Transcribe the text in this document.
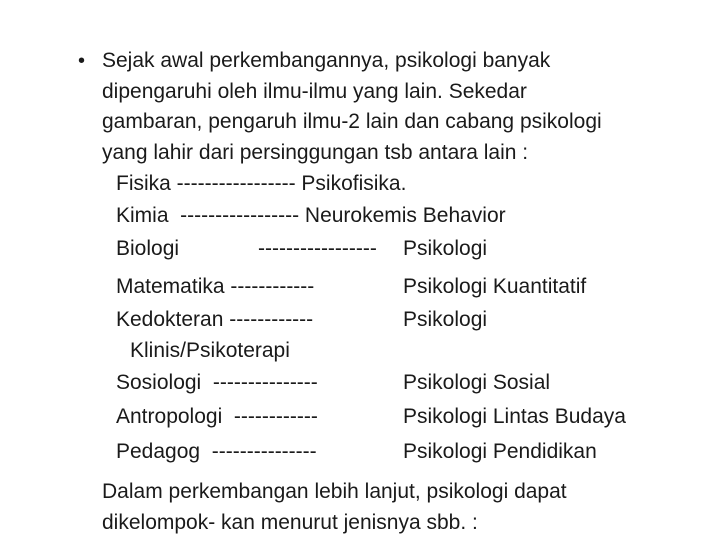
• Sejak awal perkembangannya, psikologi banyak

dipengaruhi oleh ilmu-ilmu yang lain. Sekedar

gambaran, pengaruh ilmu-2 lain dan cabang psikologi

yang lahir dari persinggungan tsb antara lain :

Fisika ----------------- Psikofisika.
Kimia  ----------------- Neurokemis Behavior
Biologi	----------------- Psikologi
Matematika ------------	Psikologi Kuantitatif
Kedokteran ------------	Psikologi
Klinis/Psikoterapi
Sosiologi  ---------------	Psikologi Sosial
Antropologi  ------------	Psikologi Lintas Budaya
Pedagog  ---------------	Psikologi Pendidikan
Dalam perkembangan lebih lanjut, psikologi dapat
dikelompok- kan menurut jenisnya sbb. :
